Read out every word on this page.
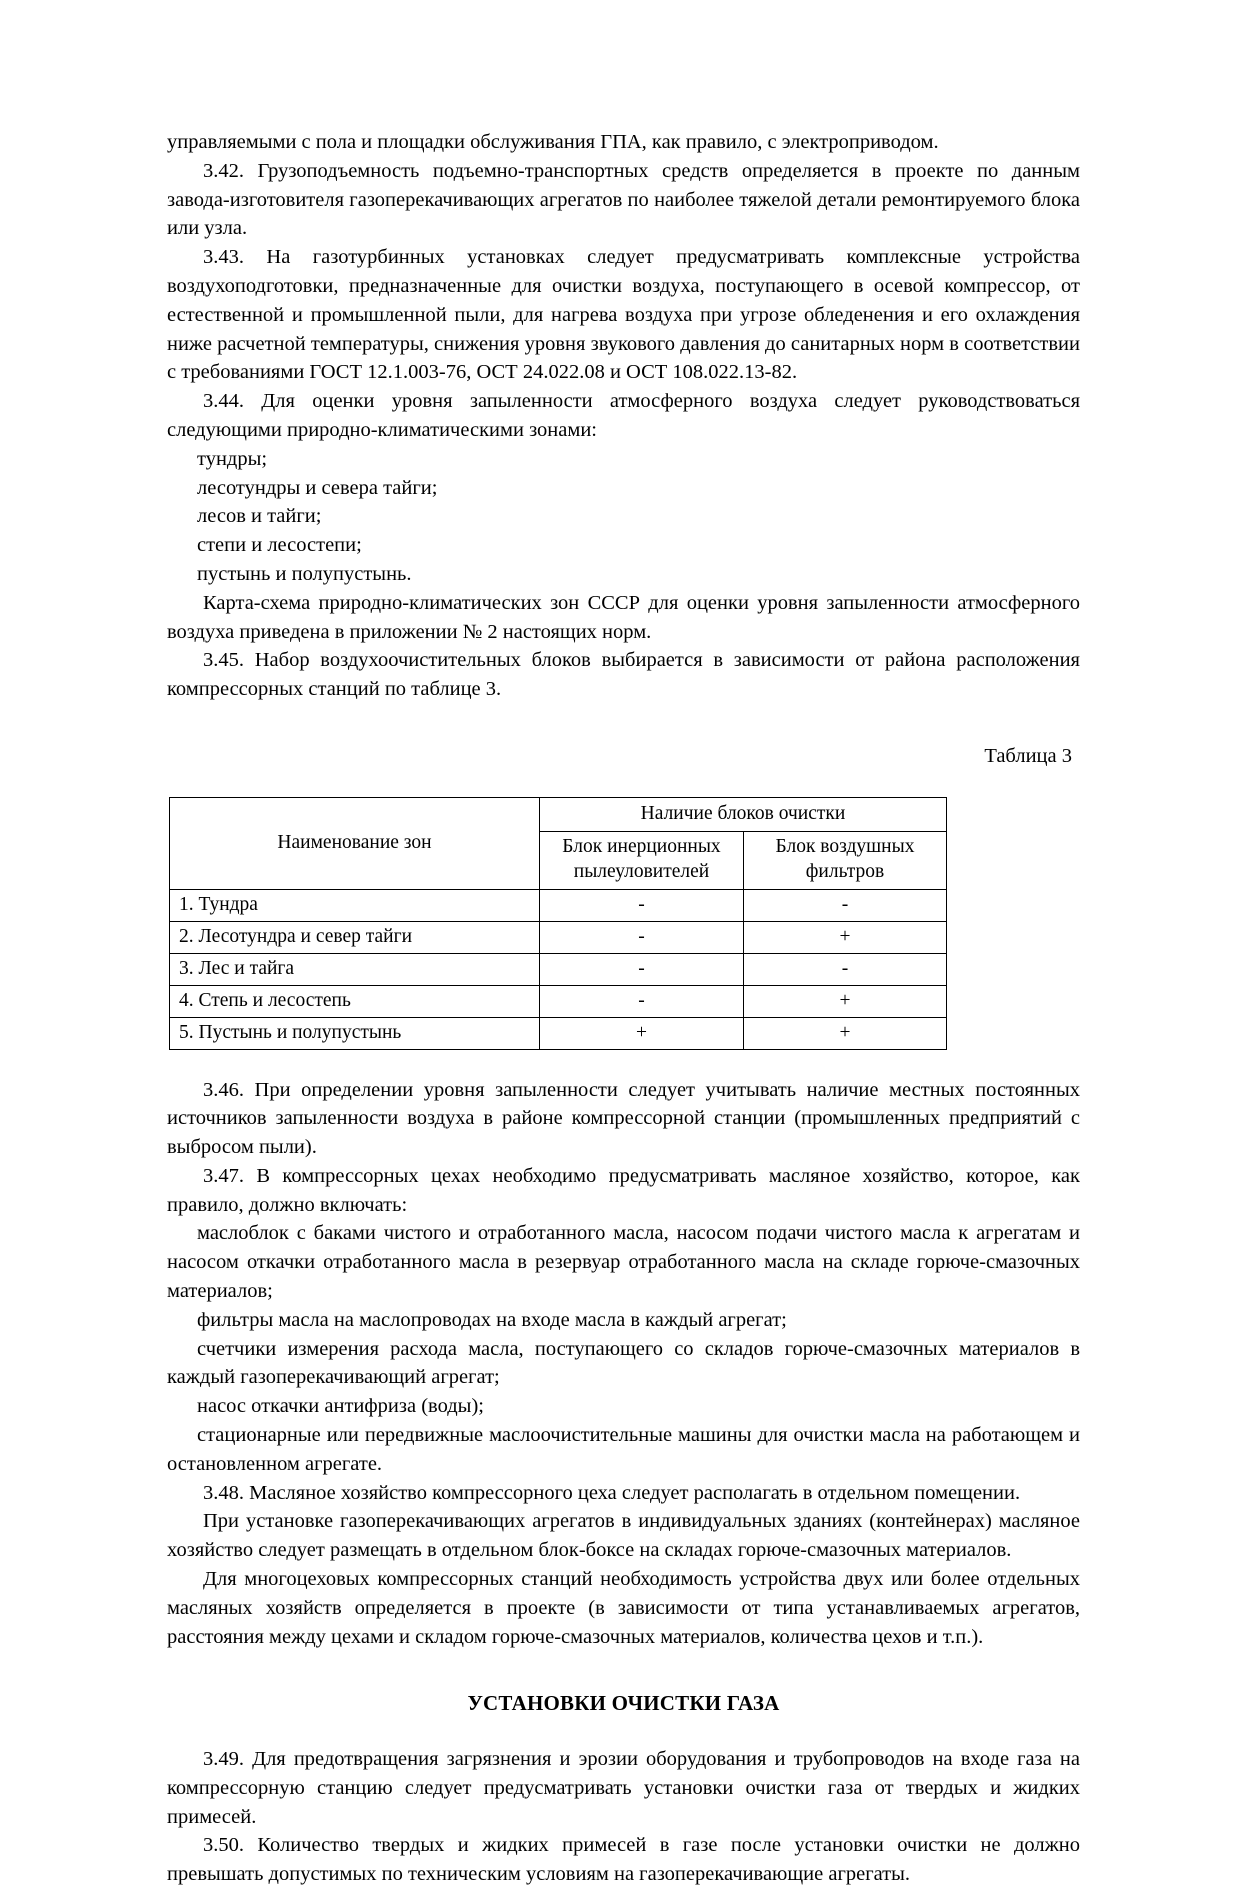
управляемыми с пола и площадки обслуживания ГПА, как правило, с электроприводом.

3.42. Грузоподъемность подъемно-транспортных средств определяется в проекте по данным завода-изготовителя газоперекачивающих агрегатов по наиболее тяжелой детали ремонтируемого блока или узла.

3.43. На газотурбинных установках следует предусматривать комплексные устройства воздухоподготовки, предназначенные для очистки воздуха, поступающего в осевой компрессор, от естественной и промышленной пыли, для нагрева воздуха при угрозе обледенения и его охлаждения ниже расчетной температуры, снижения уровня звукового давления до санитарных норм в соответствии с требованиями ГОСТ 12.1.003-76, ОСТ 24.022.08 и ОСТ 108.022.13-82.

3.44. Для оценки уровня запыленности атмосферного воздуха следует руководствоваться следующими природно-климатическими зонами:

тундры;

лесотундры и севера тайги;

лесов и тайги;

степи и лесостепи;

пустынь и полупустынь.

Карта-схема природно-климатических зон СССР для оценки уровня запыленности атмосферного воздуха приведена в приложении № 2 настоящих норм.

3.45. Набор воздухоочистительных блоков выбирается в зависимости от района расположения компрессорных станций по таблице 3.

Таблица 3

Наименование зон	Наличие блоков очистки	
	Блок инерционных пылеуловителей	Блок воздушных фильтров
1. Тундра	-	-
2. Лесотундра и север тайги	-	+
3. Лес и тайга	-	-
4. Степь и лесостепь	-	+
5. Пустынь и полупустынь	+	+

3.46. При определении уровня запыленности следует учитывать наличие местных постоянных источников запыленности воздуха в районе компрессорной станции (промышленных предприятий с выбросом пыли).

3.47. В компрессорных цехах необходимо предусматривать масляное хозяйство, которое, как правило, должно включать:

маслоблок с баками чистого и отработанного масла, насосом подачи чистого масла к агрегатам и насосом откачки отработанного масла в резервуар отработанного масла на складе горюче-смазочных материалов;

фильтры масла на маслопроводах на входе масла в каждый агрегат;

счетчики измерения расхода масла, поступающего со складов горюче-смазочных материалов в каждый газоперекачивающий агрегат;

насос откачки антифриза (воды);

стационарные или передвижные маслоочистительные машины для очистки масла на работающем и остановленном агрегате.

3.48. Масляное хозяйство компрессорного цеха следует располагать в отдельном помещении.

При установке газоперекачивающих агрегатов в индивидуальных зданиях (контейнерах) масляное хозяйство следует размещать в отдельном блок-боксе на складах горюче-смазочных материалов.

Для многоцеховых компрессорных станций необходимость устройства двух или более отдельных масляных хозяйств определяется в проекте (в зависимости от типа устанавливаемых агрегатов, расстояния между цехами и складом горюче-смазочных материалов, количества цехов и т.п.).

УСТАНОВКИ ОЧИСТКИ ГАЗА

3.49. Для предотвращения загрязнения и эрозии оборудования и трубопроводов на входе газа на компрессорную станцию следует предусматривать установки очистки газа от твердых и жидких примесей.

3.50. Количество твердых и жидких примесей в газе после установки очистки не должно превышать допустимых по техническим условиям на газоперекачивающие агрегаты.
